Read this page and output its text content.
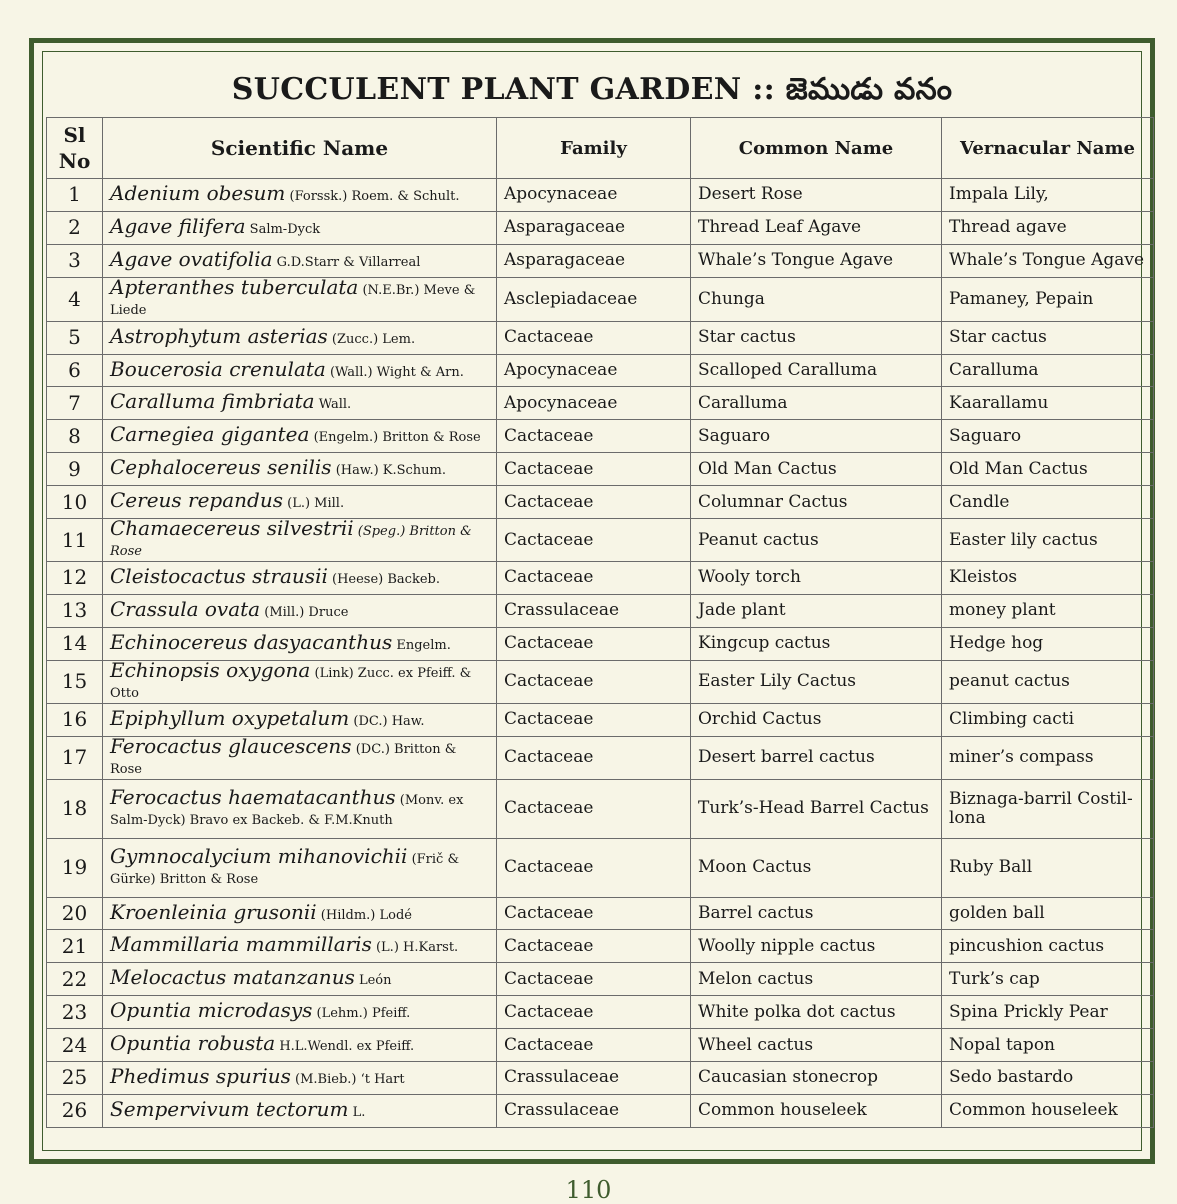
SUCCULENT PLANT GARDEN :: జెముడు వనం
Sl
No	Scientific Name	Family	Common Name	Vernacular Name
1	Adenium obesum (Forssk.) Roem. & Schult.	Apocynaceae	Desert Rose	Impala Lily,
2	Agave filifera Salm-Dyck	Asparagaceae	Thread Leaf Agave	Thread agave
3	Agave ovatifolia G.D.Starr & Villarreal	Asparagaceae	Whale’s Tongue Agave	Whale’s Tongue Agave
4	Apteranthes tuberculata (N.E.Br.) Meve & Liede	Asclepiadaceae	Chunga	Pamaney, Pepain
5	Astrophytum asterias (Zucc.) Lem.	Cactaceae	Star cactus	Star cactus
6	Boucerosia crenulata (Wall.) Wight & Arn.	Apocynaceae	Scalloped Caralluma	Caralluma
7	Caralluma fimbriata Wall.	Apocynaceae	Caralluma	Kaarallamu
8	Carnegiea gigantea (Engelm.) Britton & Rose	Cactaceae	Saguaro	Saguaro
9	Cephalocereus senilis (Haw.) K.Schum.	Cactaceae	Old Man Cactus	Old Man Cactus
10	Cereus repandus (L.) Mill.	Cactaceae	Columnar Cactus	Candle
11	Chamaecereus silvestrii (Speg.) Britton & Rose	Cactaceae	Peanut cactus	Easter lily cactus
12	Cleistocactus strausii (Heese) Backeb.	Cactaceae	Wooly torch	Kleistos
13	Crassula ovata (Mill.) Druce	Crassulaceae	Jade plant	money plant
14	Echinocereus dasyacanthus Engelm.	Cactaceae	Kingcup cactus	Hedge hog
15	Echinopsis oxygona (Link) Zucc. ex Pfeiff. & Otto	Cactaceae	Easter Lily Cactus	peanut cactus
16	Epiphyllum oxypetalum (DC.) Haw.	Cactaceae	Orchid Cactus	Climbing cacti
17	Ferocactus glaucescens (DC.) Britton & Rose	Cactaceae	Desert barrel cactus	miner’s compass
18	Ferocactus haematacanthus (Monv. ex Salm-Dyck) Bravo ex Backeb. & F.M.Knuth	Cactaceae	Turk’s-Head Barrel Cactus	Biznaga-barril Costil-lona
19	Gymnocalycium mihanovichii (Frič & Gürke) Britton & Rose	Cactaceae	Moon Cactus	Ruby Ball
20	Kroenleinia grusonii (Hildm.) Lodé	Cactaceae	Barrel cactus	golden ball
21	Mammillaria mammillaris (L.) H.Karst.	Cactaceae	Woolly nipple cactus	pincushion cactus
22	Melocactus matanzanus León	Cactaceae	Melon cactus	Turk’s cap
23	Opuntia microdasys (Lehm.) Pfeiff.	Cactaceae	White polka dot cactus	Spina Prickly Pear
24	Opuntia robusta H.L.Wendl. ex Pfeiff.	Cactaceae	Wheel cactus	Nopal tapon
25	Phedimus spurius (M.Bieb.) ‘t Hart	Crassulaceae	Caucasian stonecrop	Sedo bastardo
26	Sempervivum tectorum L.	Crassulaceae	Common houseleek	Common houseleek
110
